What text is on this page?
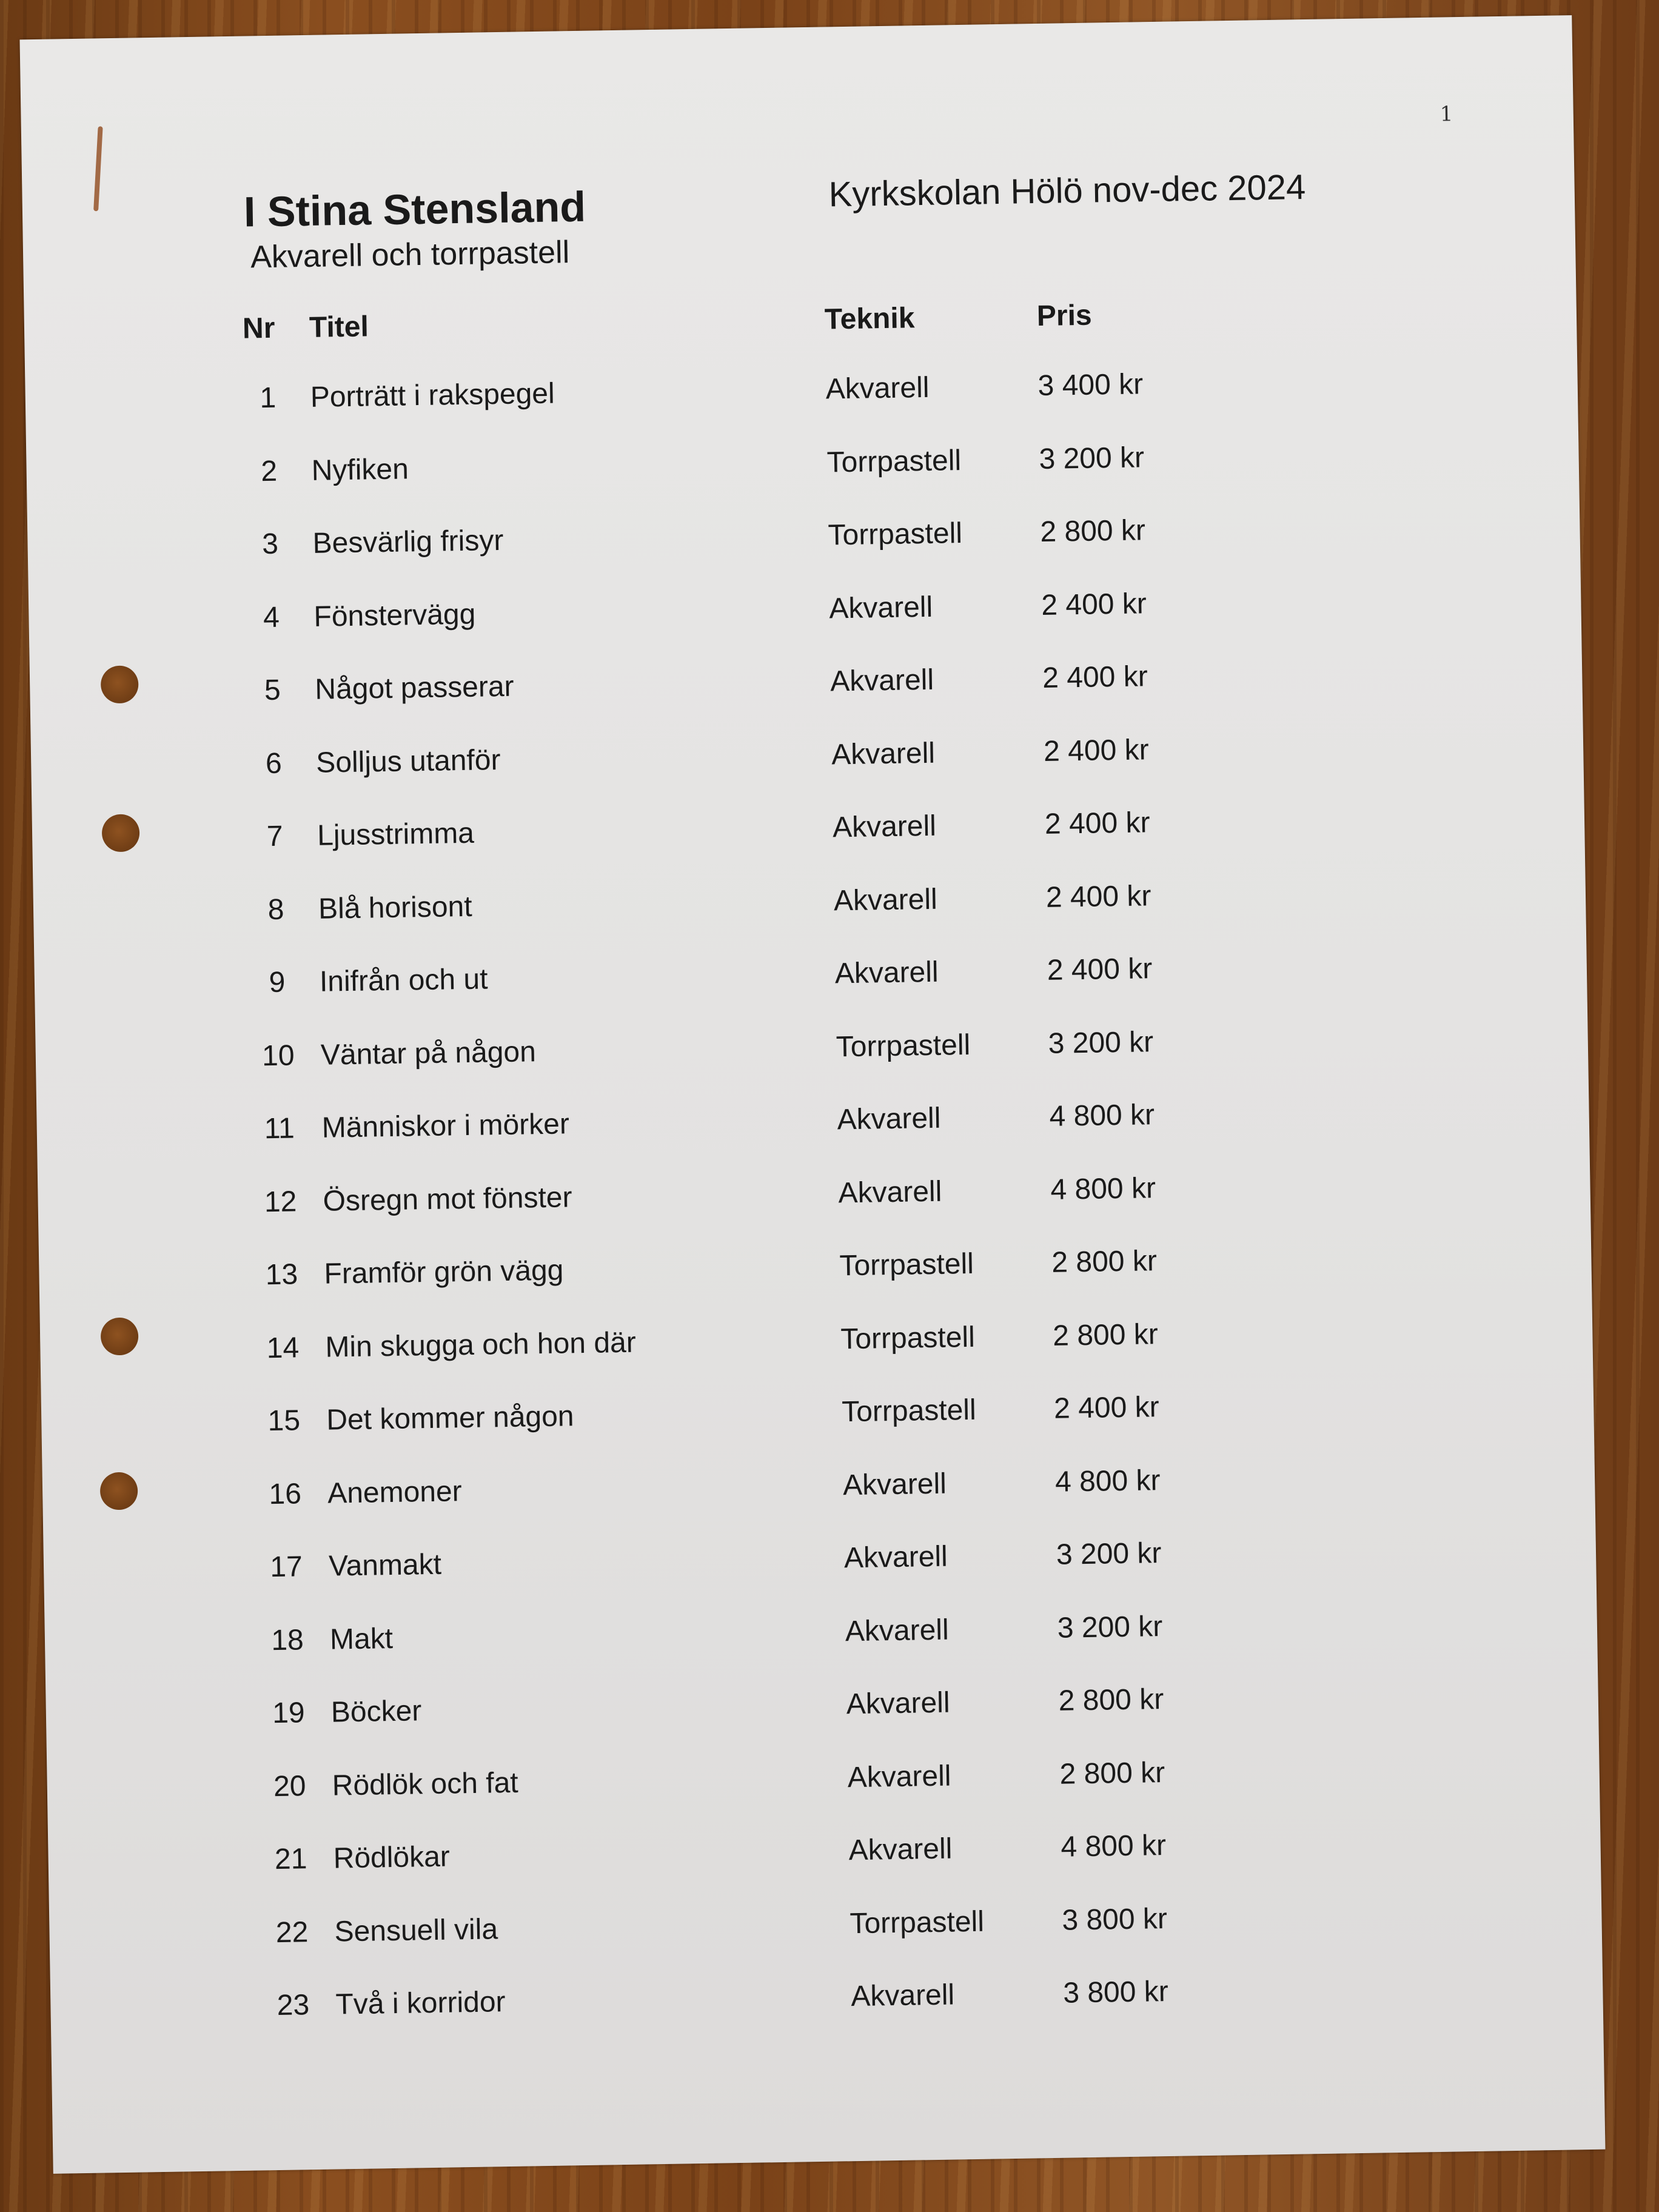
1
I Stina Stensland
Akvarell och torrpastell
Kyrkskolan Hölö nov-dec 2024
Nr	Titel	Teknik	Pris
1	Porträtt i rakspegel	Akvarell	3 400 kr
2	Nyfiken	Torrpastell	3 200 kr
3	Besvärlig frisyr	Torrpastell	2 800 kr
4	Fönstervägg	Akvarell	2 400 kr
5	Något passerar	Akvarell	2 400 kr
6	Solljus utanför	Akvarell	2 400 kr
7	Ljusstrimma	Akvarell	2 400 kr
8	Blå horisont	Akvarell	2 400 kr
9	Inifrån och ut	Akvarell	2 400 kr
10 Väntar på någon	Torrpastell	3 200 kr
11 Människor i mörker	Akvarell	4 800 kr
12 Ösregn mot fönster	Akvarell	4 800 kr
13 Framför grön vägg	Torrpastell	2 800 kr
14 Min skugga och hon där	Torrpastell	2 800 kr
15 Det kommer någon	Torrpastell	2 400 kr
16 Anemoner	Akvarell	4 800 kr
17 Vanmakt	Akvarell	3 200 kr
18 Makt	Akvarell	3 200 kr
19 Böcker	Akvarell	2 800 kr
20 Rödlök och fat	Akvarell	2 800 kr
21 Rödlökar	Akvarell	4 800 kr
22 Sensuell vila	Torrpastell	3 800 kr
23 Två i korridor	Akvarell	3 800 kr
